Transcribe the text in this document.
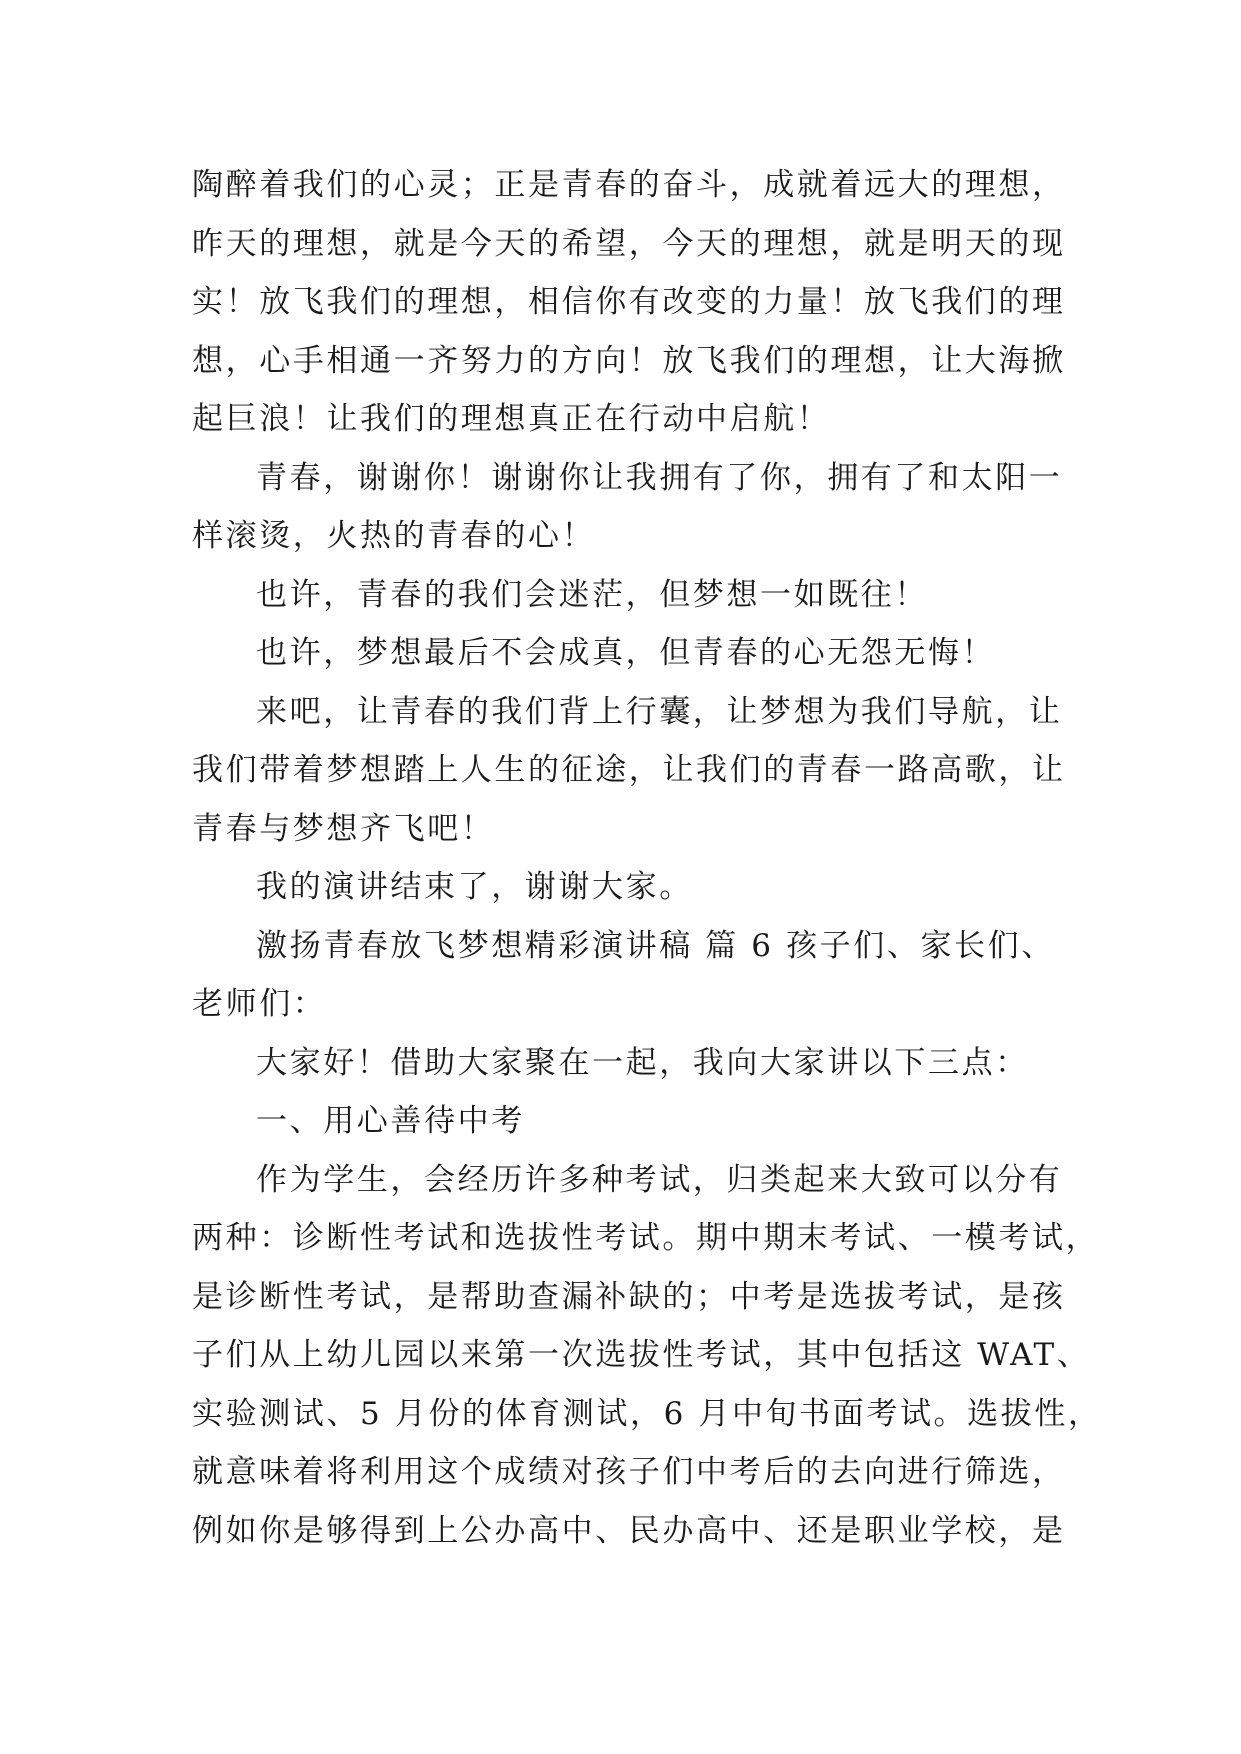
陶醉着我们的心灵；正是青春的奋斗，成就着远大的理想，
昨天的理想，就是今天的希望，今天的理想，就是明天的现
实！放飞我们的理想，相信你有改变的力量！放飞我们的理
想，心手相通一齐努力的方向！放飞我们的理想，让大海掀
起巨浪！让我们的理想真正在行动中启航！
青春，谢谢你！谢谢你让我拥有了你，拥有了和太阳一
样滚烫，火热的青春的心！
也许，青春的我们会迷茫，但梦想一如既往！
也许，梦想最后不会成真，但青春的心无怨无悔！
来吧，让青春的我们背上行囊，让梦想为我们导航，让
我们带着梦想踏上人生的征途，让我们的青春一路高歌，让
青春与梦想齐飞吧！
我的演讲结束了，谢谢大家。
激扬青春放飞梦想精彩演讲稿 篇 6 孩子们、家长们、
老师们：
大家好！借助大家聚在一起，我向大家讲以下三点：
一、用心善待中考
作为学生，会经历许多种考试，归类起来大致可以分有
两种：诊断性考试和选拔性考试。期中期末考试、一模考试，
是诊断性考试，是帮助查漏补缺的；中考是选拔考试，是孩
子们从上幼儿园以来第一次选拔性考试，其中包括这 WAT、
实验测试、5 月份的体育测试，6 月中旬书面考试。选拔性，
就意味着将利用这个成绩对孩子们中考后的去向进行筛选，
例如你是够得到上公办高中、民办高中、还是职业学校，是
